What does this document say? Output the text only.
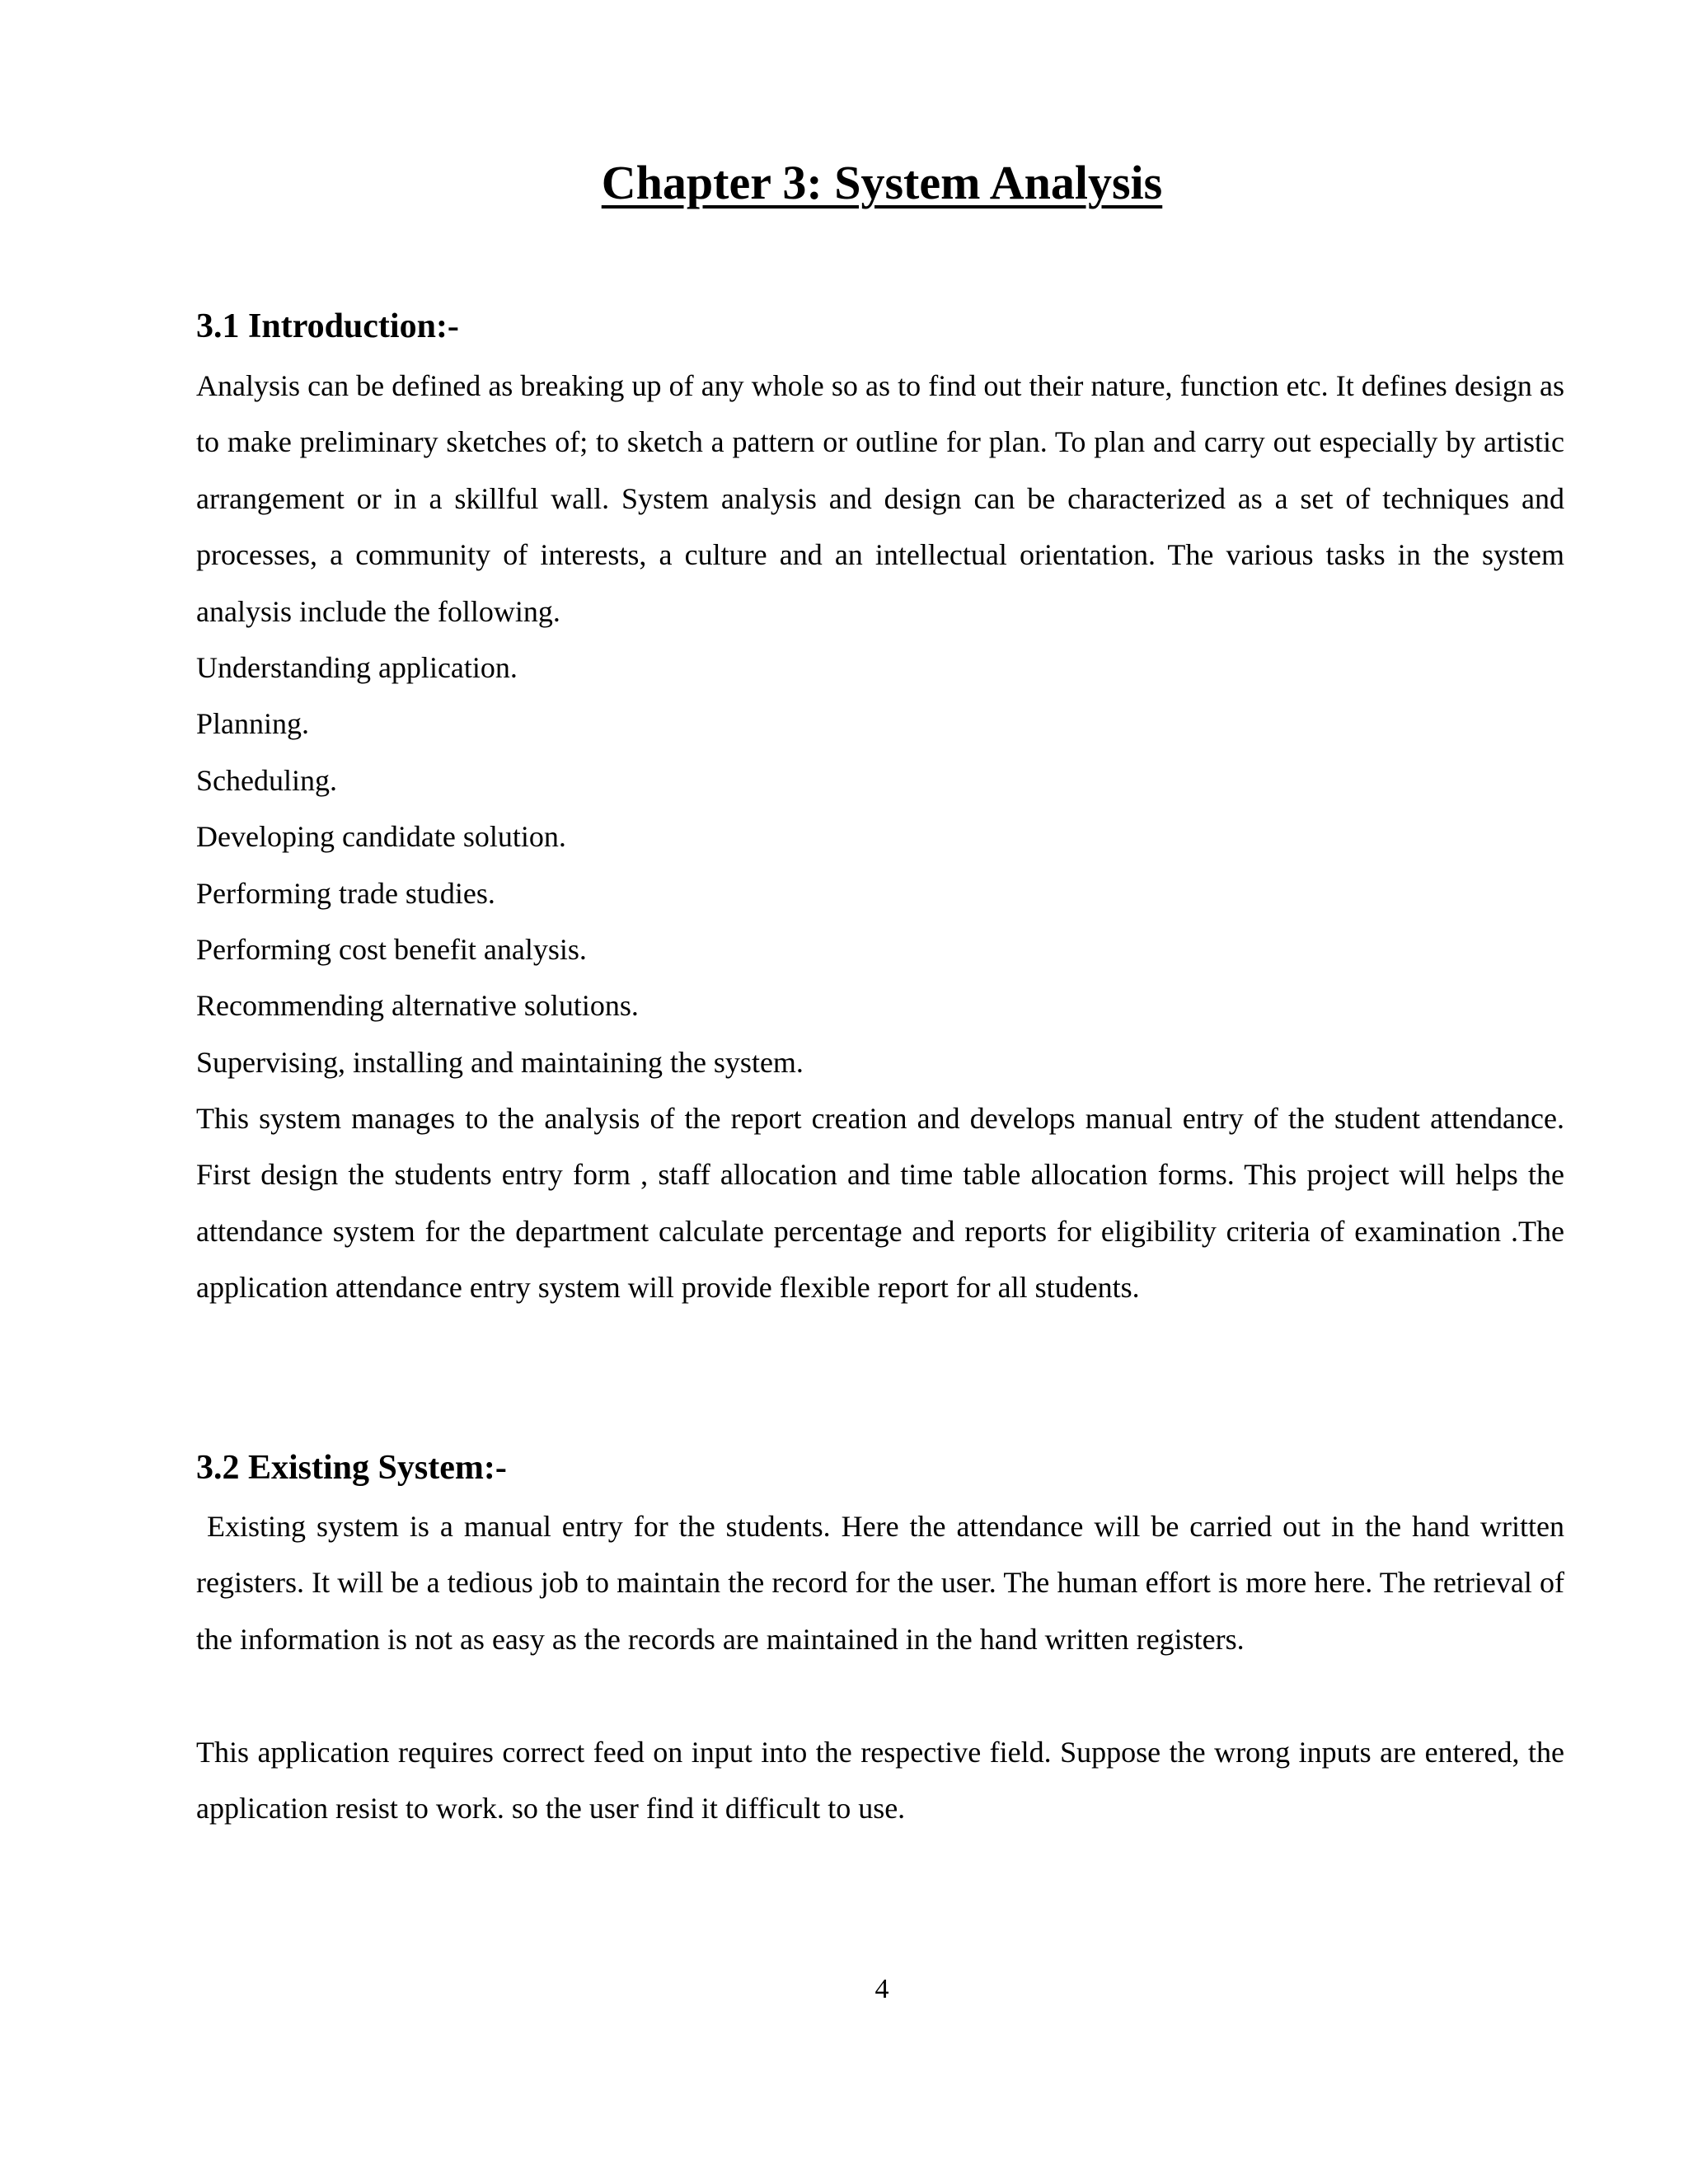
Chapter 3: System Analysis
3.1 Introduction:-

Analysis can be defined as breaking up of any whole so as to find out their nature, function etc. It defines design as to make preliminary sketches of; to sketch a pattern or outline for plan. To plan and carry out especially by artistic arrangement or in a skillful wall. System analysis and design can be characterized as a set of techniques and processes, a community of interests, a culture and an intellectual orientation. The various tasks in the system analysis include the following.

Understanding application.
Planning.
Scheduling.
Developing candidate solution.
Performing trade studies.
Performing cost benefit analysis.
Recommending alternative solutions.
Supervising, installing and maintaining the system.

This system manages to the analysis of the report creation and develops manual entry of the student attendance. First design the students entry form , staff allocation and time table allocation forms. This project will helps the attendance system for the department calculate percentage and reports for eligibility criteria of examination .The application attendance entry system will provide flexible report for all students.

3.2 Existing System:-

Existing system is a manual entry for the students. Here the attendance will be carried out in the hand written registers. It will be a tedious job to maintain the record for the user. The human effort is more here. The retrieval of the information is not as easy as the records are maintained in the hand written registers.

This application requires correct feed on input into the respective field. Suppose the wrong inputs are entered, the application resist to work. so the user find it difficult to use.

4
